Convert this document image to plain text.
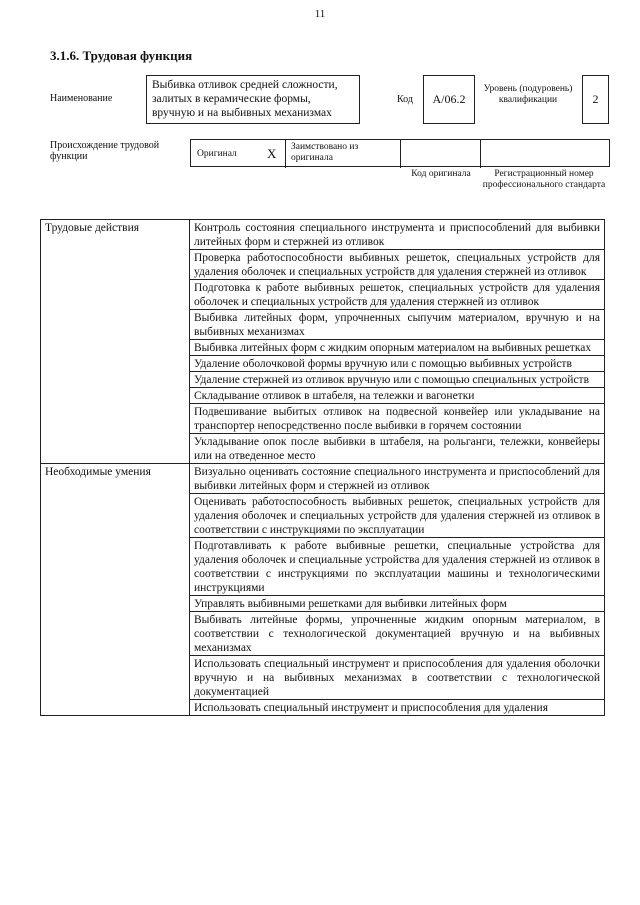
11
3.1.6. Трудовая функция
Наименование
Выбивка отливок средней сложности, залитых в керамические формы, вручную и на выбивных механизмах
Код	А/06.2
Уровень (подуровень) квалификации	2
Происхождение трудовой функции	Оригинал X Заимствовано из оригинала
Код оригинала	Регистрационный номер профессионального стандарта
Трудовые действия	Контроль состояния специального инструмента и приспособлений для выбивки литейных форм и стержней из отливок
	Проверка работоспособности выбивных решеток, специальных устройств для удаления оболочек и специальных устройств для удаления стержней из отливок
	Подготовка к работе выбивных решеток, специальных устройств для удаления оболочек и специальных устройств для удаления стержней из отливок
	Выбивка литейных форм, упрочненных сыпучим материалом, вручную и на выбивных механизмах
	Выбивка литейных форм с жидким опорным материалом на выбивных решетках
	Удаление оболочковой формы вручную или с помощью выбивных устройств
	Удаление стержней из отливок вручную или с помощью специальных устройств
	Складывание отливок в штабеля, на тележки и вагонетки
	Подвешивание выбитых отливок на подвесной конвейер или укладывание на транспортер непосредственно после выбивки в горячем состоянии
	Укладывание опок после выбивки в штабеля, на рольганги, тележки, конвейеры или на отведенное место
Необходимые умения	Визуально оценивать состояние специального инструмента и приспособлений для выбивки литейных форм и стержней из отливок
	Оценивать работоспособность выбивных решеток, специальных устройств для удаления оболочек и специальных устройств для удаления стержней из отливок в соответствии с инструкциями по эксплуатации
	Подготавливать к работе выбивные решетки, специальные устройства для удаления оболочек и специальные устройства для удаления стержней из отливок в соответствии с инструкциями по эксплуатации машины и технологическими инструкциями
	Управлять выбивными решетками для выбивки литейных форм
	Выбивать литейные формы, упрочненные жидким опорным материалом, в соответствии с технологической документацией вручную и на выбивных механизмах
	Использовать специальный инструмент и приспособления для удаления оболочки вручную и на выбивных механизмах в соответствии с технологической документацией
	Использовать специальный инструмент и приспособления для удаления
